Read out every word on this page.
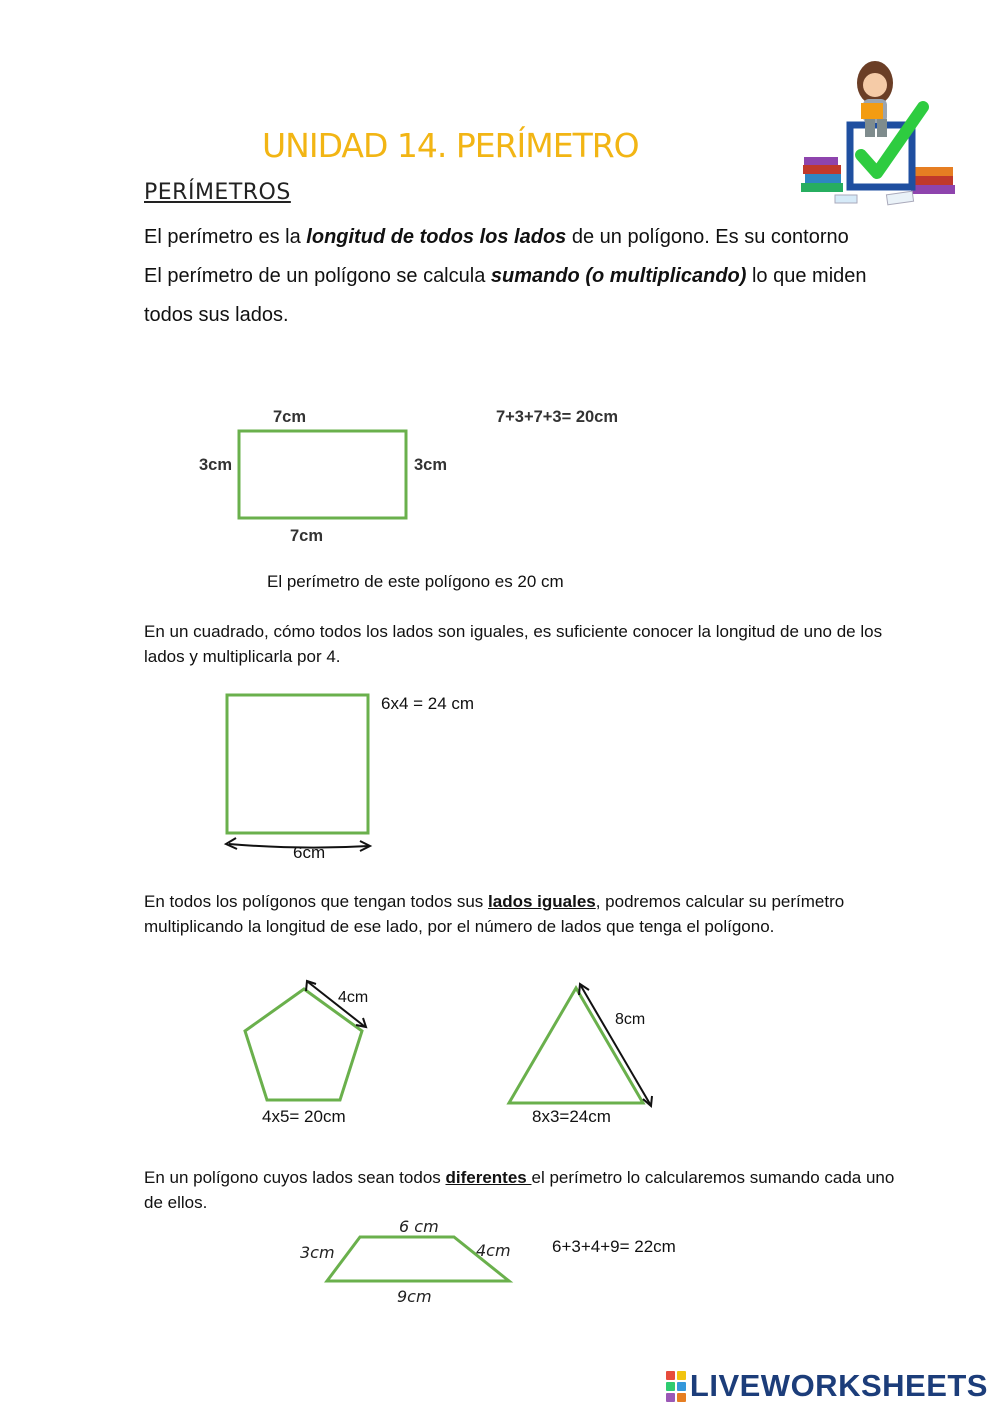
UNIDAD 14. PERÍMETRO
PERÍMETROS
El perímetro es la longitud de todos los lados de un polígono. Es su contorno
El perímetro de un polígono se calcula sumando (o multiplicando) lo que miden todos sus lados.
7cm
3cm	3cm
7cm
7+3+7+3= 20cm
El perímetro de este polígono es 20 cm
En un cuadrado, cómo todos los lados son iguales, es suficiente conocer la longitud de uno de los lados y multiplicarla por 4.
6x4 = 24 cm
6cm
En todos los polígonos que tengan todos sus lados iguales, podremos calcular su perímetro multiplicando la longitud de ese lado, por el número de lados que tenga el polígono.
4cm
4x5= 20cm
8cm
8x3=24cm
En un polígono cuyos lados sean todos diferentes el perímetro lo calcularemos sumando cada uno de ellos.
6 cm
3cm	4cm
9cm
6+3+4+9= 22cm
LIVEWORKSHEETS
